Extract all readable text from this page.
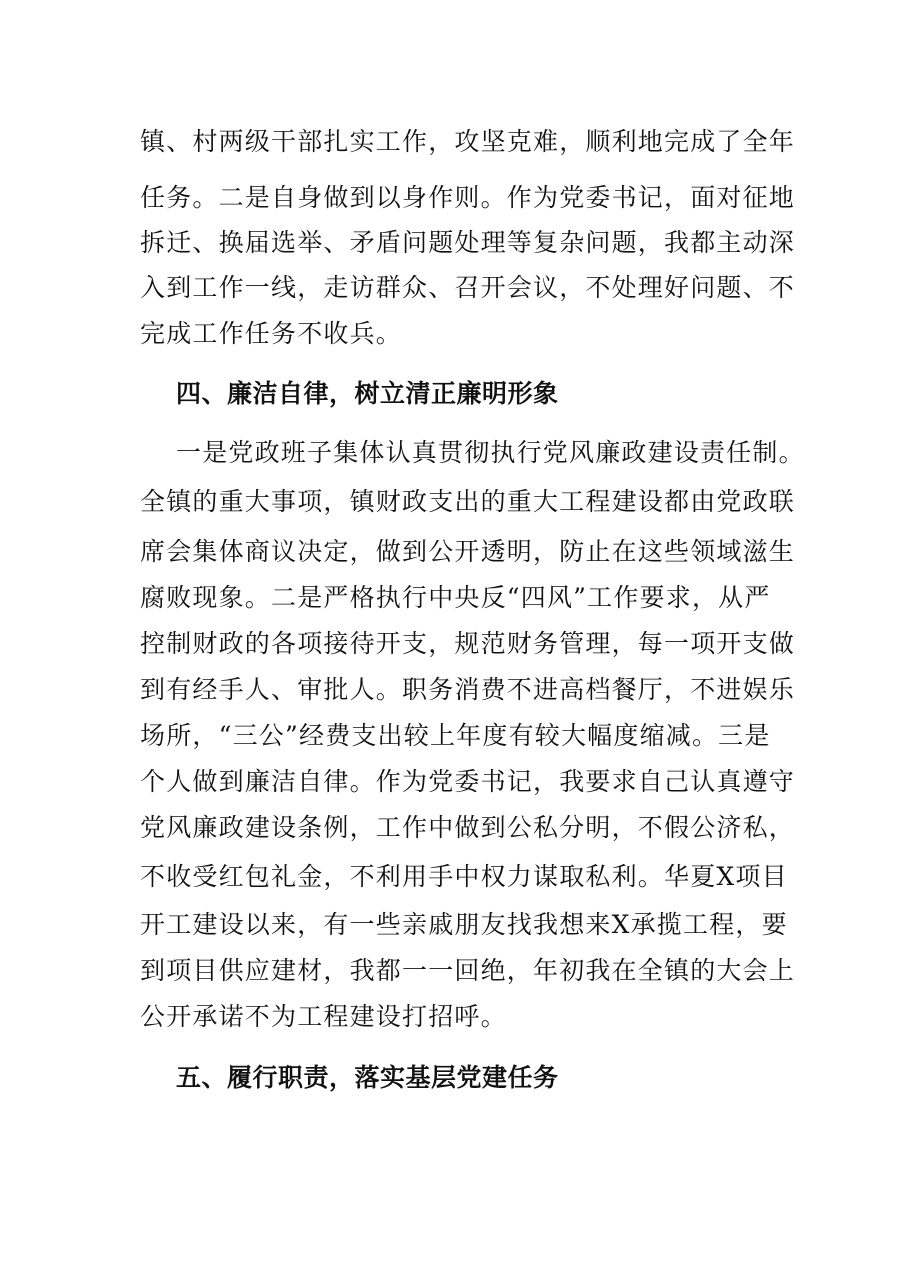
镇、村两级干部扎实工作，攻坚克难，顺利地完成了全年
任务。二是自身做到以身作则。作为党委书记，面对征地
拆迁、换届选举、矛盾问题处理等复杂问题，我都主动深
入到工作一线，走访群众、召开会议，不处理好问题、不
完成工作任务不收兵。
四、廉洁自律，树立清正廉明形象
一是党政班子集体认真贯彻执行党风廉政建设责任制。
全镇的重大事项，镇财政支出的重大工程建设都由党政联
席会集体商议决定，做到公开透明，防止在这些领域滋生
腐败现象。二是严格执行中央反“四风”工作要求，从严
控制财政的各项接待开支，规范财务管理，每一项开支做
到有经手人、审批人。职务消费不进高档餐厅，不进娱乐
场所，“三公”经费支出较上年度有较大幅度缩减。三是
个人做到廉洁自律。作为党委书记，我要求自己认真遵守
党风廉政建设条例，工作中做到公私分明，不假公济私，
不收受红包礼金，不利用手中权力谋取私利。华夏X项目
开工建设以来，有一些亲戚朋友找我想来X承揽工程，要
到项目供应建材，我都一一回绝，年初我在全镇的大会上
公开承诺不为工程建设打招呼。
五、履行职责，落实基层党建任务
